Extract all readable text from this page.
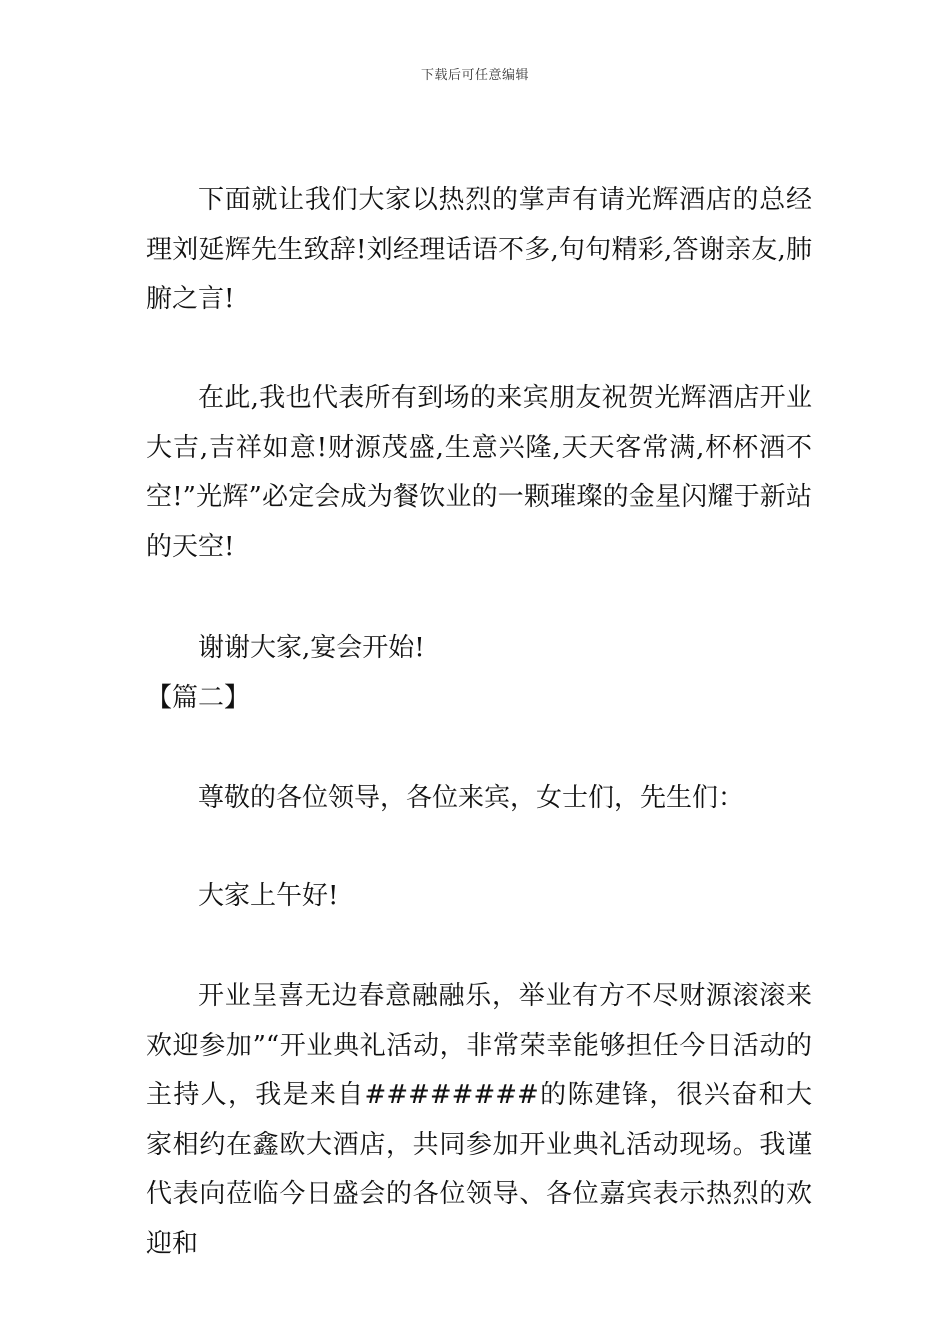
下载后可任意编辑

下面就让我们大家以热烈的掌声有请光辉酒店的总经理刘延辉先生致辞!刘经理话语不多,句句精彩,答谢亲友,肺腑之言!

在此,我也代表所有到场的来宾朋友祝贺光辉酒店开业大吉,吉祥如意!财源茂盛,生意兴隆,天天客常满,杯杯酒不空!”光辉”必定会成为餐饮业的一颗璀璨的金星闪耀于新站的天空!

谢谢大家,宴会开始!

【篇二】

尊敬的各位领导，各位来宾，女士们，先生们：

大家上午好!

开业呈喜无边春意融融乐，举业有方不尽财源滚滚来欢迎参加”“开业典礼活动，非常荣幸能够担任今日活动的主持人，我是来自########的陈建锋，很兴奋和大家相约在鑫欧大酒店，共同参加开业典礼活动现场。我谨代表向莅临今日盛会的各位领导、各位嘉宾表示热烈的欢迎和
